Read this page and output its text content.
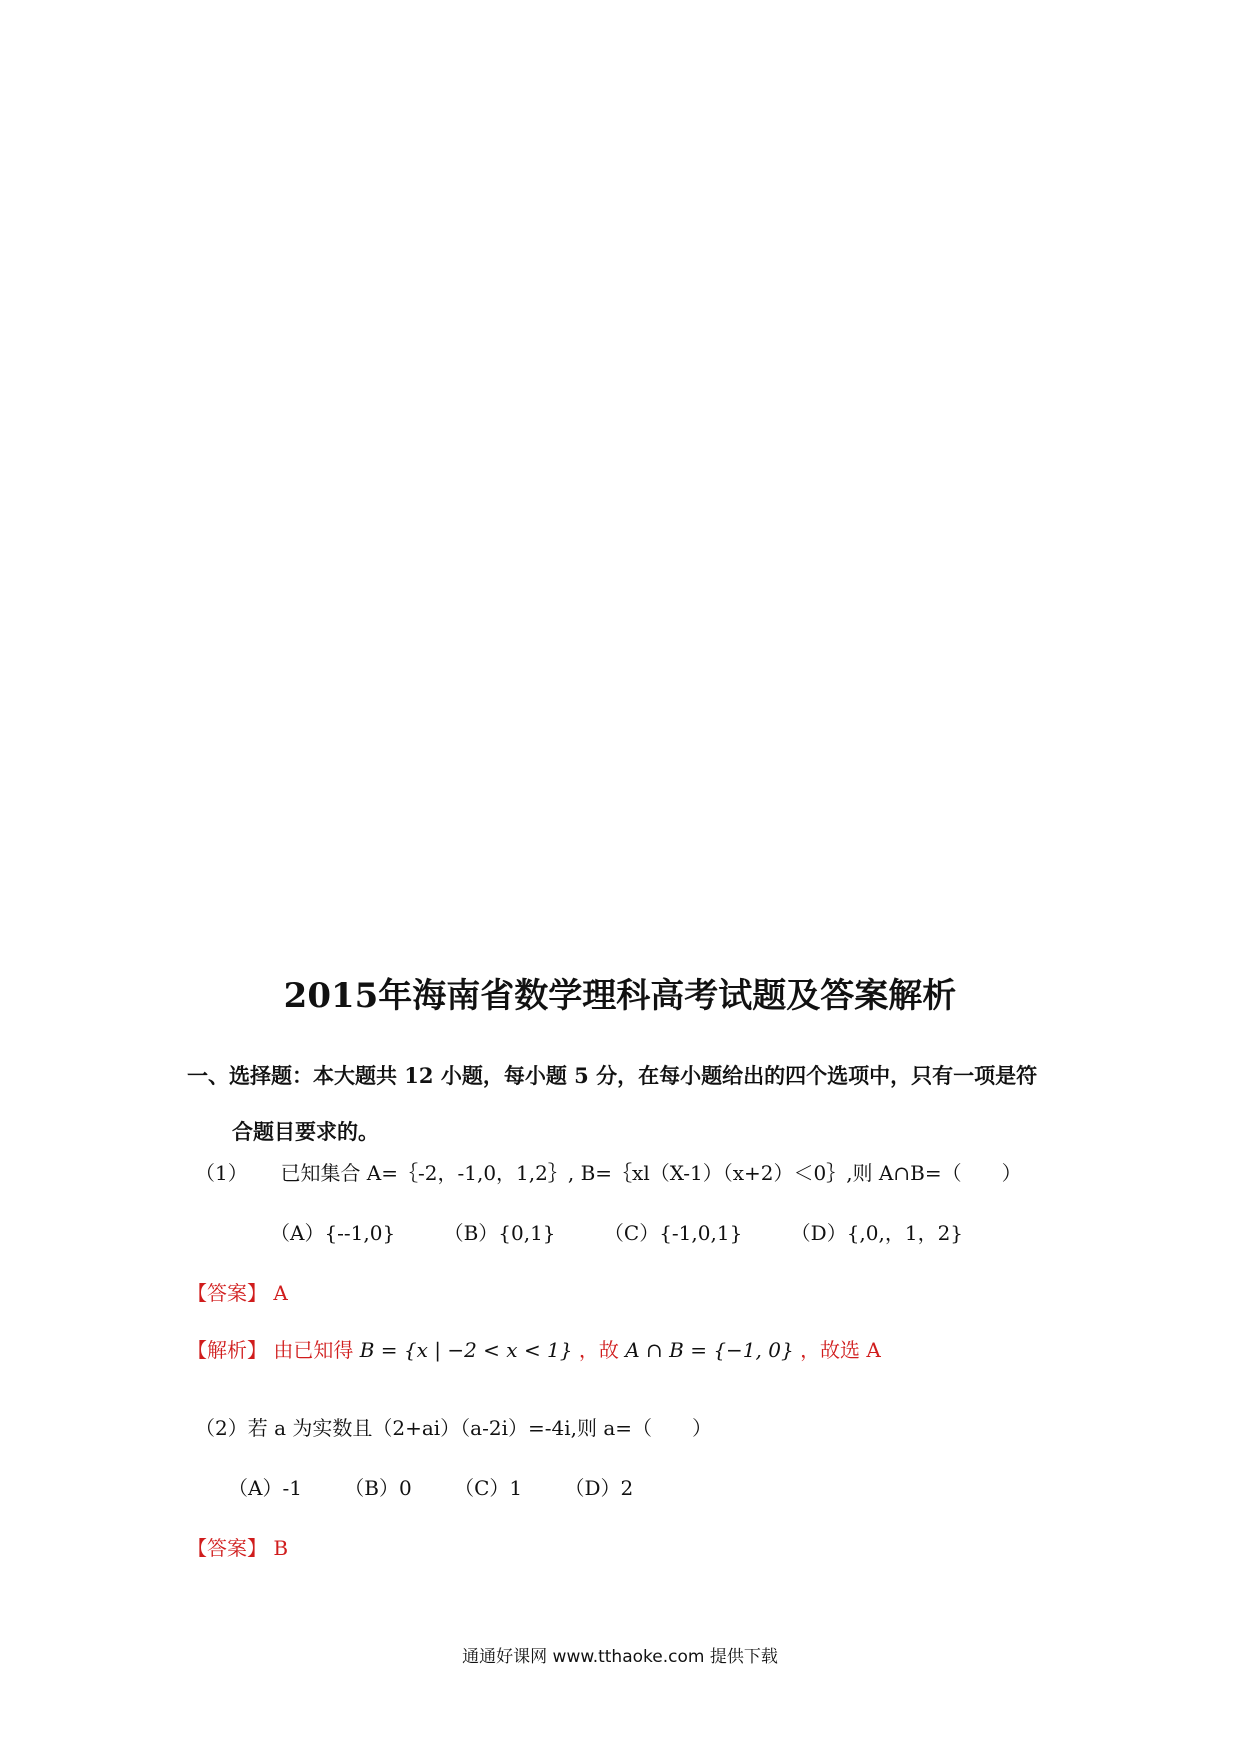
2015年海南省数学理科高考试题及答案解析
一、选择题：本大题共 12 小题，每小题 5 分，在每小题给出的四个选项中，只有一项是符
合题目要求的。
（1） 已知集合 A=｛-2，-1,0，1,2｝, B=｛xl（X-1）（x+2）＜0｝,则 A∩B=（　　）
（A）{--1,0} （B）{0,1} （C）{-1,0,1} （D）{,0,，1，2}
【答案】 A
【解析】 由已知得 B = {x | −2 < x < 1} ，故 A ∩ B = {−1, 0} ，故选 A
（2）若 a 为实数且（2+ai）（a-2i）=-4i,则 a=（　　）
（A）-1 （B）0 （C）1 （D）2
【答案】 B
通通好课网 www.tthaoke.com 提供下载
